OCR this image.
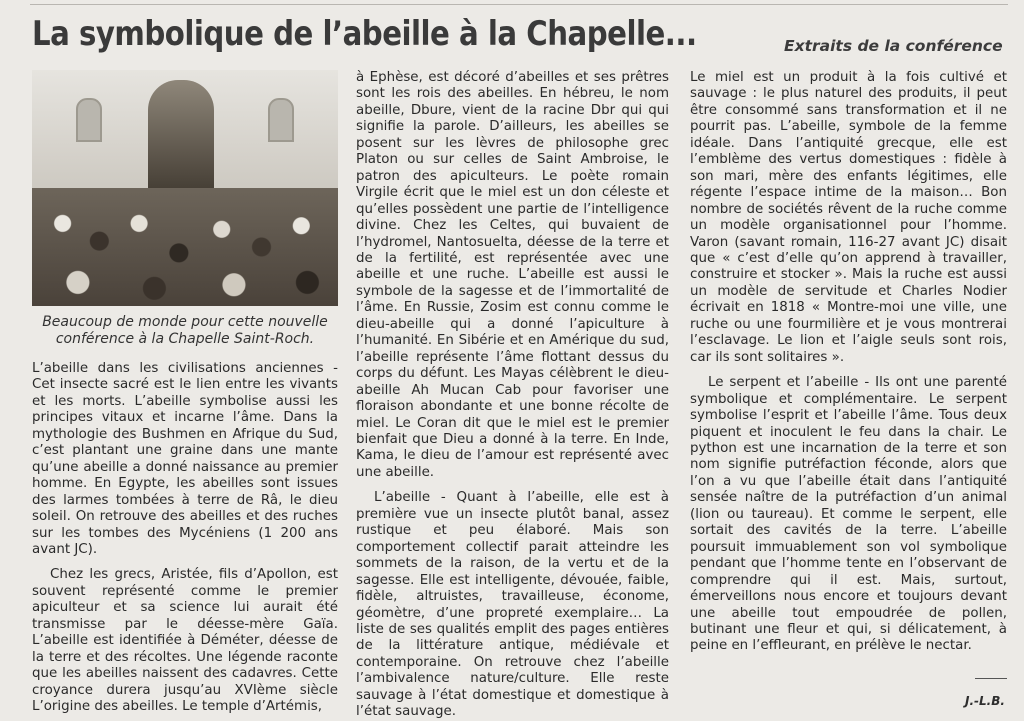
La symbolique de l’abeille à la Chapelle...	Extraits de la conférence
Beaucoup de monde pour cette nouvelle conférence à la Chapelle Saint-Roch.

L’abeille dans les civilisations anciennes - Cet insecte sacré est le lien entre les vivants et les morts. L’abeille symbolise aussi les principes vitaux et incarne l’âme. Dans la mythologie des Bushmen en Afrique du Sud, c’est plantant une graine dans une mante qu’une abeille a donné naissance au premier homme. En Egypte, les abeilles sont issues des larmes tombées à terre de Râ, le dieu soleil. On retrouve des abeilles et des ruches sur les tombes des Mycéniens (1 200 ans avant JC).

Chez les grecs, Aristée, fils d’Apollon, est souvent représenté comme le premier apiculteur et sa science lui aurait été transmisse par le déesse-mère Gaïa. L’abeille est identifiée à Déméter, déesse de la terre et des récoltes. Une légende raconte que les abeilles naissent des cadavres. Cette croyance durera jusqu’au XVIème siècle L’origine des abeilles. Le temple d’Artémis,

à Ephèse, est décoré d’abeilles et ses prêtres sont les rois des abeilles. En hébreu, le nom abeille, Dbure, vient de la racine Dbr qui qui signifie la parole. D’ailleurs, les abeilles se posent sur les lèvres de philosophe grec Platon ou sur celles de Saint Ambroise, le patron des apiculteurs. Le poète romain Virgile écrit que le miel est un don céleste et qu’elles possèdent une partie de l’intelligence divine. Chez les Celtes, qui buvaient de l’hydromel, Nantosuelta, déesse de la terre et de la fertilité, est représentée avec une abeille et une ruche. L’abeille est aussi le symbole de la sagesse et de l’immortalité de l’âme. En Russie, Zosim est connu comme le dieu-abeille qui a donné l’apiculture à l’humanité. En Sibérie et en Amérique du sud, l’abeille représente l’âme flottant dessus du corps du défunt. Les Mayas célèbrent le dieu-abeille Ah Mucan Cab pour favoriser une floraison abondante et une bonne récolte de miel. Le Coran dit que le miel est le premier bienfait que Dieu a donné à la terre. En Inde, Kama, le dieu de l’amour est représenté avec une abeille.

L’abeille - Quant à l’abeille, elle est à première vue un insecte plutôt banal, assez rustique et peu élaboré. Mais son comportement collectif parait atteindre les sommets de la raison, de la vertu et de la sagesse. Elle est intelligente, dévouée, faible, fidèle, altruistes, travailleuse, économe, géomètre, d’une propreté exemplaire… La liste de ses qualités emplit des pages entières de la littérature antique, médiévale et contemporaine. On retrouve chez l’abeille l’ambivalence nature/culture. Elle reste sauvage à l’état domestique et domestique à l’état sauvage.

Le miel est un produit à la fois cultivé et sauvage : le plus naturel des produits, il peut être consommé sans transformation et il ne pourrit pas. L’abeille, symbole de la femme idéale. Dans l’antiquité grecque, elle est l’emblème des vertus domestiques : fidèle à son mari, mère des enfants légitimes, elle régente l’espace intime de la maison… Bon nombre de sociétés rêvent de la ruche comme un modèle organisationnel pour l’homme. Varon (savant romain, 116-27 avant JC) disait que « c’est d’elle qu’on apprend à travailler, construire et stocker ». Mais la ruche est aussi un modèle de servitude et Charles Nodier écrivait en 1818 « Montre-moi une ville, une ruche ou une fourmilière et je vous montrerai l’esclavage. Le lion et l’aigle seuls sont rois, car ils sont solitaires ».

Le serpent et l’abeille - Ils ont une parenté symbolique et complémentaire. Le serpent symbolise l’esprit et l’abeille l’âme. Tous deux piquent et inoculent le feu dans la chair. Le python est une incarnation de la terre et son nom signifie putréfaction féconde, alors que l’on a vu que l’abeille était dans l’antiquité sensée naître de la putréfaction d’un animal (lion ou taureau). Et comme le serpent, elle sortait des cavités de la terre. L’abeille poursuit immuablement son vol symbolique pendant que l’homme tente en l’observant de comprendre qui il est. Mais, surtout, émerveillons nous encore et toujours devant une abeille tout empoudrée de pollen, butinant une fleur et qui, si délicatement, à peine en l’effleurant, en prélève le nectar.

J.-L.B.
